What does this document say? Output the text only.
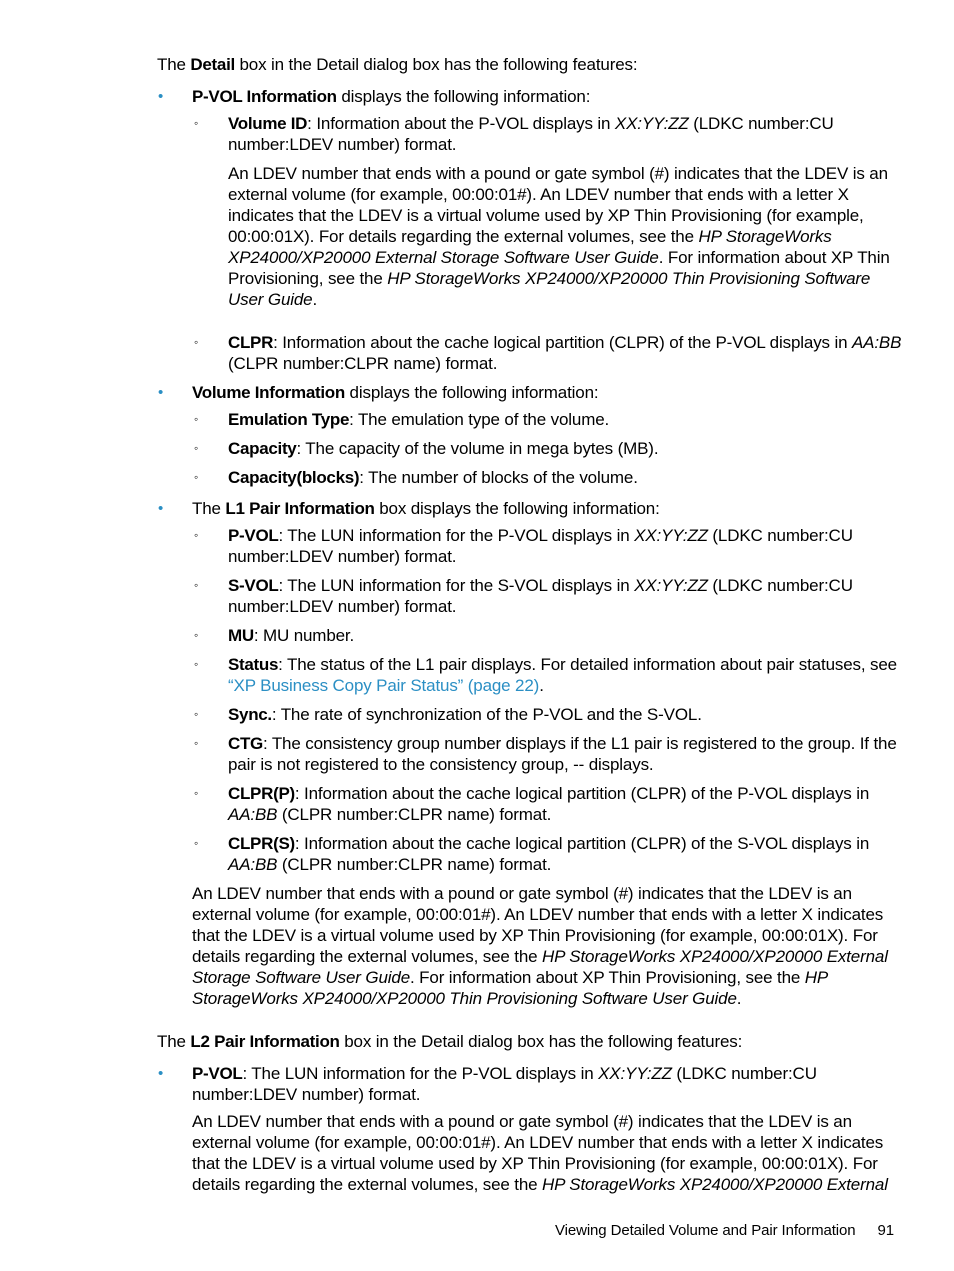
The Detail box in the Detail dialog box has the following features:

• P-VOL Information displays the following information:

◦ Volume ID: Information about the P-VOL displays in XX:YY:ZZ (LDKC number:CU number:LDEV number) format.

An LDEV number that ends with a pound or gate symbol (#) indicates that the LDEV is an external volume (for example, 00:00:01#). An LDEV number that ends with a letter X indicates that the LDEV is a virtual volume used by XP Thin Provisioning (for example, 00:00:01X). For details regarding the external volumes, see the HP StorageWorks XP24000/XP20000 External Storage Software User Guide. For information about XP Thin Provisioning, see the HP StorageWorks XP24000/XP20000 Thin Provisioning Software User Guide.

◦ CLPR: Information about the cache logical partition (CLPR) of the P-VOL displays in AA:BB (CLPR number:CLPR name) format.

• Volume Information displays the following information:

◦ Emulation Type: The emulation type of the volume.

◦ Capacity: The capacity of the volume in mega bytes (MB).

◦ Capacity(blocks): The number of blocks of the volume.

• The L1 Pair Information box displays the following information:

◦ P-VOL: The LUN information for the P-VOL displays in XX:YY:ZZ (LDKC number:CU number:LDEV number) format.

◦ S-VOL: The LUN information for the S-VOL displays in XX:YY:ZZ (LDKC number:CU number:LDEV number) format.

◦ MU: MU number.

◦ Status: The status of the L1 pair displays. For detailed information about pair statuses, see “XP Business Copy Pair Status” (page 22).

◦ Sync.: The rate of synchronization of the P-VOL and the S-VOL.

◦ CTG: The consistency group number displays if the L1 pair is registered to the group. If the pair is not registered to the consistency group, -- displays.

◦ CLPR(P): Information about the cache logical partition (CLPR) of the P-VOL displays in AA:BB (CLPR number:CLPR name) format.

◦ CLPR(S): Information about the cache logical partition (CLPR) of the S-VOL displays in AA:BB (CLPR number:CLPR name) format.

An LDEV number that ends with a pound or gate symbol (#) indicates that the LDEV is an external volume (for example, 00:00:01#). An LDEV number that ends with a letter X indicates that the LDEV is a virtual volume used by XP Thin Provisioning (for example, 00:00:01X). For details regarding the external volumes, see the HP StorageWorks XP24000/XP20000 External Storage Software User Guide. For information about XP Thin Provisioning, see the HP StorageWorks XP24000/XP20000 Thin Provisioning Software User Guide.

The L2 Pair Information box in the Detail dialog box has the following features:

• P-VOL: The LUN information for the P-VOL displays in XX:YY:ZZ (LDKC number:CU number:LDEV number) format.

An LDEV number that ends with a pound or gate symbol (#) indicates that the LDEV is an external volume (for example, 00:00:01#). An LDEV number that ends with a letter X indicates that the LDEV is a virtual volume used by XP Thin Provisioning (for example, 00:00:01X). For details regarding the external volumes, see the HP StorageWorks XP24000/XP20000 External

Viewing Detailed Volume and Pair Information 91
